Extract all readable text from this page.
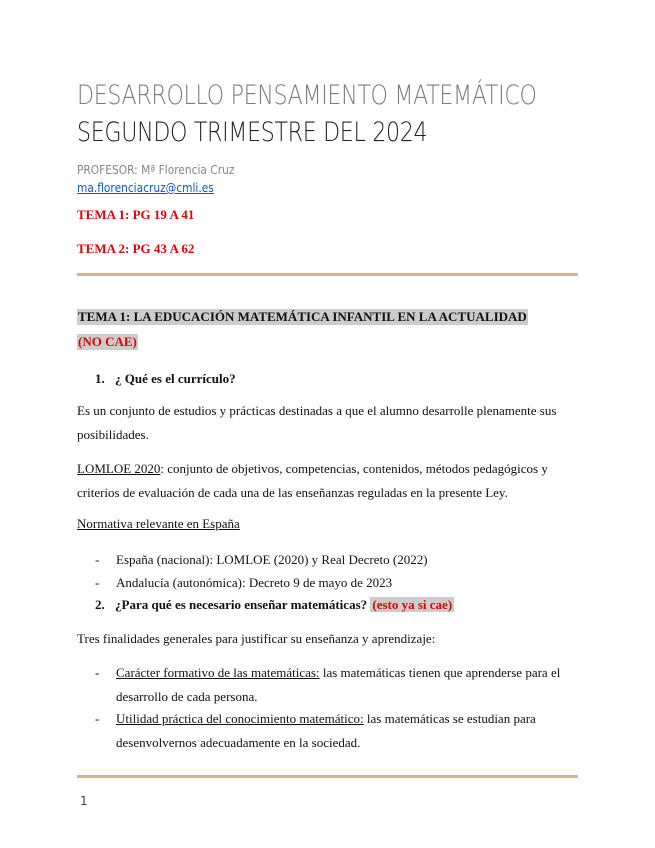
DESARROLLO PENSAMIENTO MATEMÁTICO
SEGUNDO TRIMESTRE DEL 2024
PROFESOR: Mª Florencia Cruz
ma.florenciacruz@cmli.es
TEMA 1: PG 19 A 41
TEMA 2: PG 43 A 62
TEMA 1: LA EDUCACIÓN MATEMÁTICA INFANTIL EN LA ACTUALIDAD
(NO CAE)
1. ¿ Qué es el currículo?
Es un conjunto de estudios y prácticas destinadas a que el alumno desarrolle plenamente sus posibilidades.
LOMLOE 2020: conjunto de objetivos, competencias, contenidos, métodos pedagógicos y criterios de evaluación de cada una de las enseñanzas reguladas en la presente Ley.
Normativa relevante en España
- España (nacional): LOMLOE (2020) y Real Decreto (2022)
- Andalucía (autonómica): Decreto 9 de mayo de 2023
2. ¿Para qué es necesario enseñar matemáticas? (esto ya si cae)
Tres finalidades generales para justificar su enseñanza y aprendizaje:
- Carácter formativo de las matemáticas: las matemáticas tienen que aprenderse para el desarrollo de cada persona.
- Utilidad práctica del conocimiento matemático: las matemáticas se estudian para desenvolvernos adecuadamente en la sociedad.
1
